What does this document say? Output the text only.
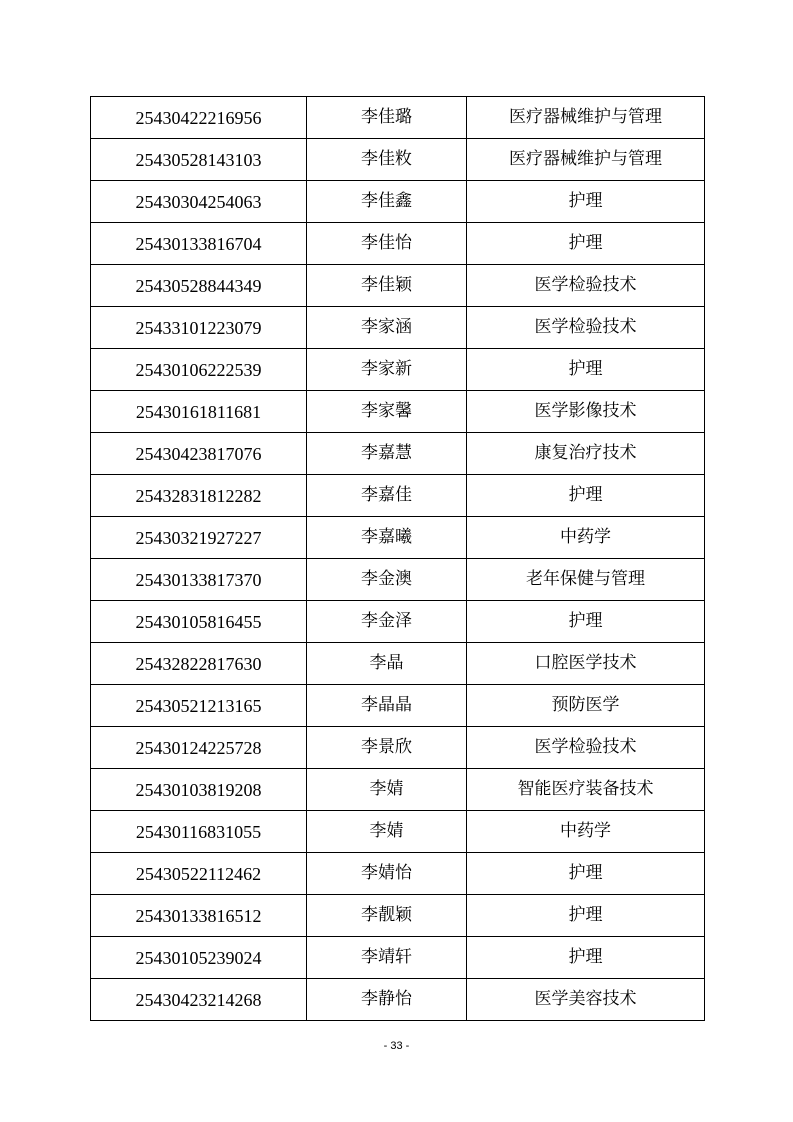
25430422216956	李佳璐	医疗器械维护与管理
25430528143103	李佳敉	医疗器械维护与管理
25430304254063	李佳鑫	护理
25430133816704	李佳怡	护理
25430528844349	李佳颖	医学检验技术
25433101223079	李家涵	医学检验技术
25430106222539	李家新	护理
25430161811681	李家馨	医学影像技术
25430423817076	李嘉慧	康复治疗技术
25432831812282	李嘉佳	护理
25430321927227	李嘉曦	中药学
25430133817370	李金澳	老年保健与管理
25430105816455	李金泽	护理
25432822817630	李晶	口腔医学技术
25430521213165	李晶晶	预防医学
25430124225728	李景欣	医学检验技术
25430103819208	李婧	智能医疗装备技术
25430116831055	李婧	中药学
25430522112462	李婧怡	护理
25430133816512	李靓颖	护理
25430105239024	李靖轩	护理
25430423214268	李静怡	医学美容技术
- 33 -
